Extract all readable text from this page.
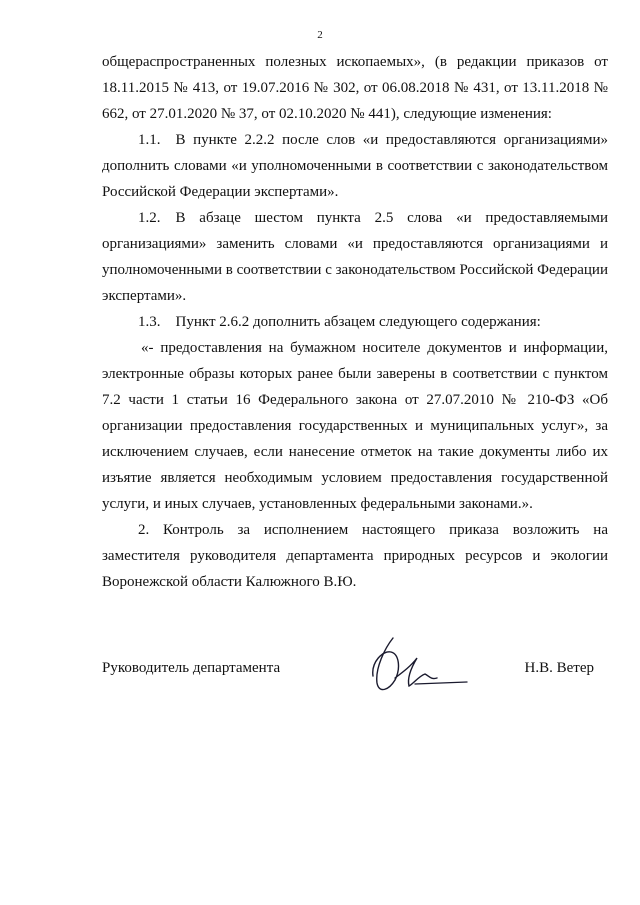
2

общераспространенных полезных ископаемых», (в редакции приказов от 18.11.2015 № 413, от 19.07.2016 № 302, от 06.08.2018 № 431, от 13.11.2018 № 662, от 27.01.2020 № 37, от 02.10.2020 № 441), следующие изменения:

1.1. В пункте 2.2.2 после слов «и предоставляются организациями» дополнить словами «и уполномоченными в соответствии с законодательством Российской Федерации экспертами».

1.2. В абзаце шестом пункта 2.5 слова «и предоставляемыми организациями» заменить словами «и предоставляются организациями и уполномоченными в соответствии с законодательством Российской Федерации экспертами».

1.3. Пункт 2.6.2 дополнить абзацем следующего содержания:

«- предоставления на бумажном носителе документов и информации, электронные образы которых ранее были заверены в соответствии с пунктом 7.2 части 1 статьи 16 Федерального закона от 27.07.2010 № 210-ФЗ «Об организации предоставления государственных и муниципальных услуг», за исключением случаев, если нанесение отметок на такие документы либо их изъятие является необходимым условием предоставления государственной услуги, и иных случаев, установленных федеральными законами.».

2. Контроль за исполнением настоящего приказа возложить на заместителя руководителя департамента природных ресурсов и экологии Воронежской области Калюжного В.Ю.

Руководитель департамента	Н.В. Ветер
